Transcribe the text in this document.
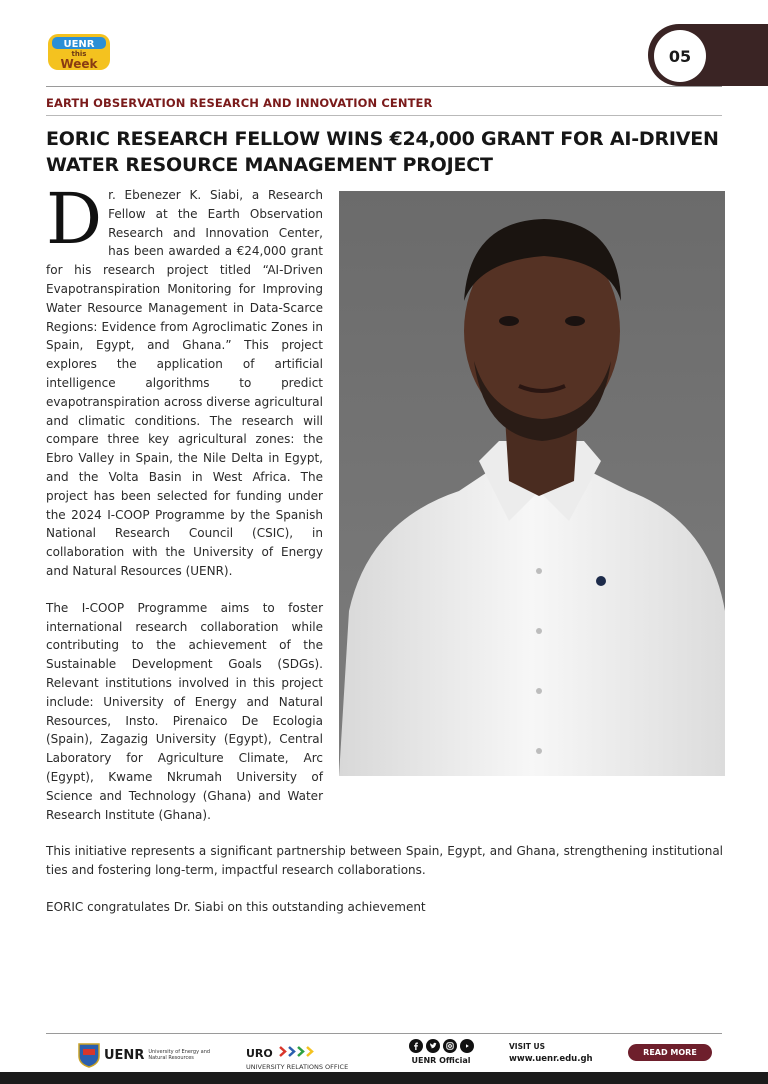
UENR
this
Week	05
EARTH OBSERVATION RESEARCH AND INNOVATION CENTER
EORIC RESEARCH FELLOW WINS €24,000 GRANT FOR AI-DRIVEN WATER RESOURCE MANAGEMENT PROJECT

Dr. Ebenezer K. Siabi, a Research Fellow at the Earth Observation Research and Innovation Center, has been awarded a €24,000 grant for his research project titled “AI-Driven Evapotranspiration Monitoring for Improving Water Resource Management in Data-Scarce Regions: Evidence from Agroclimatic Zones in Spain, Egypt, and Ghana.” This project explores the application of artificial intelligence algorithms to predict evapotranspiration across diverse agricultural and climatic conditions. The research will compare three key agricultural zones: the Ebro Valley in Spain, the Nile Delta in Egypt, and the Volta Basin in West Africa. The project has been selected for funding under the 2024 I-COOP Programme by the Spanish National Research Council (CSIC), in collaboration with the University of Energy and Natural Resources (UENR).

The I-COOP Programme aims to foster international research collaboration while contributing to the achievement of the Sustainable Development Goals (SDGs). Relevant institutions involved in this project include: University of Energy and Natural Resources, Insto. Pirenaico De Ecologia (Spain), Zagazig University (Egypt), Central Laboratory for Agriculture Climate, Arc (Egypt), Kwame Nkrumah University of Science and Technology (Ghana) and Water Research Institute (Ghana).

This initiative represents a significant partnership between Spain, Egypt, and Ghana, strengthening institutional ties and fostering long-term, impactful research collaborations.

EORIC congratulates Dr. Siabi on this outstanding achievement

UENR University of Energy and Natural Resources	URO
UNIVERSITY RELATIONS OFFICE
UENR Official
VISIT US
www.uenr.edu.gh
READ MORE
